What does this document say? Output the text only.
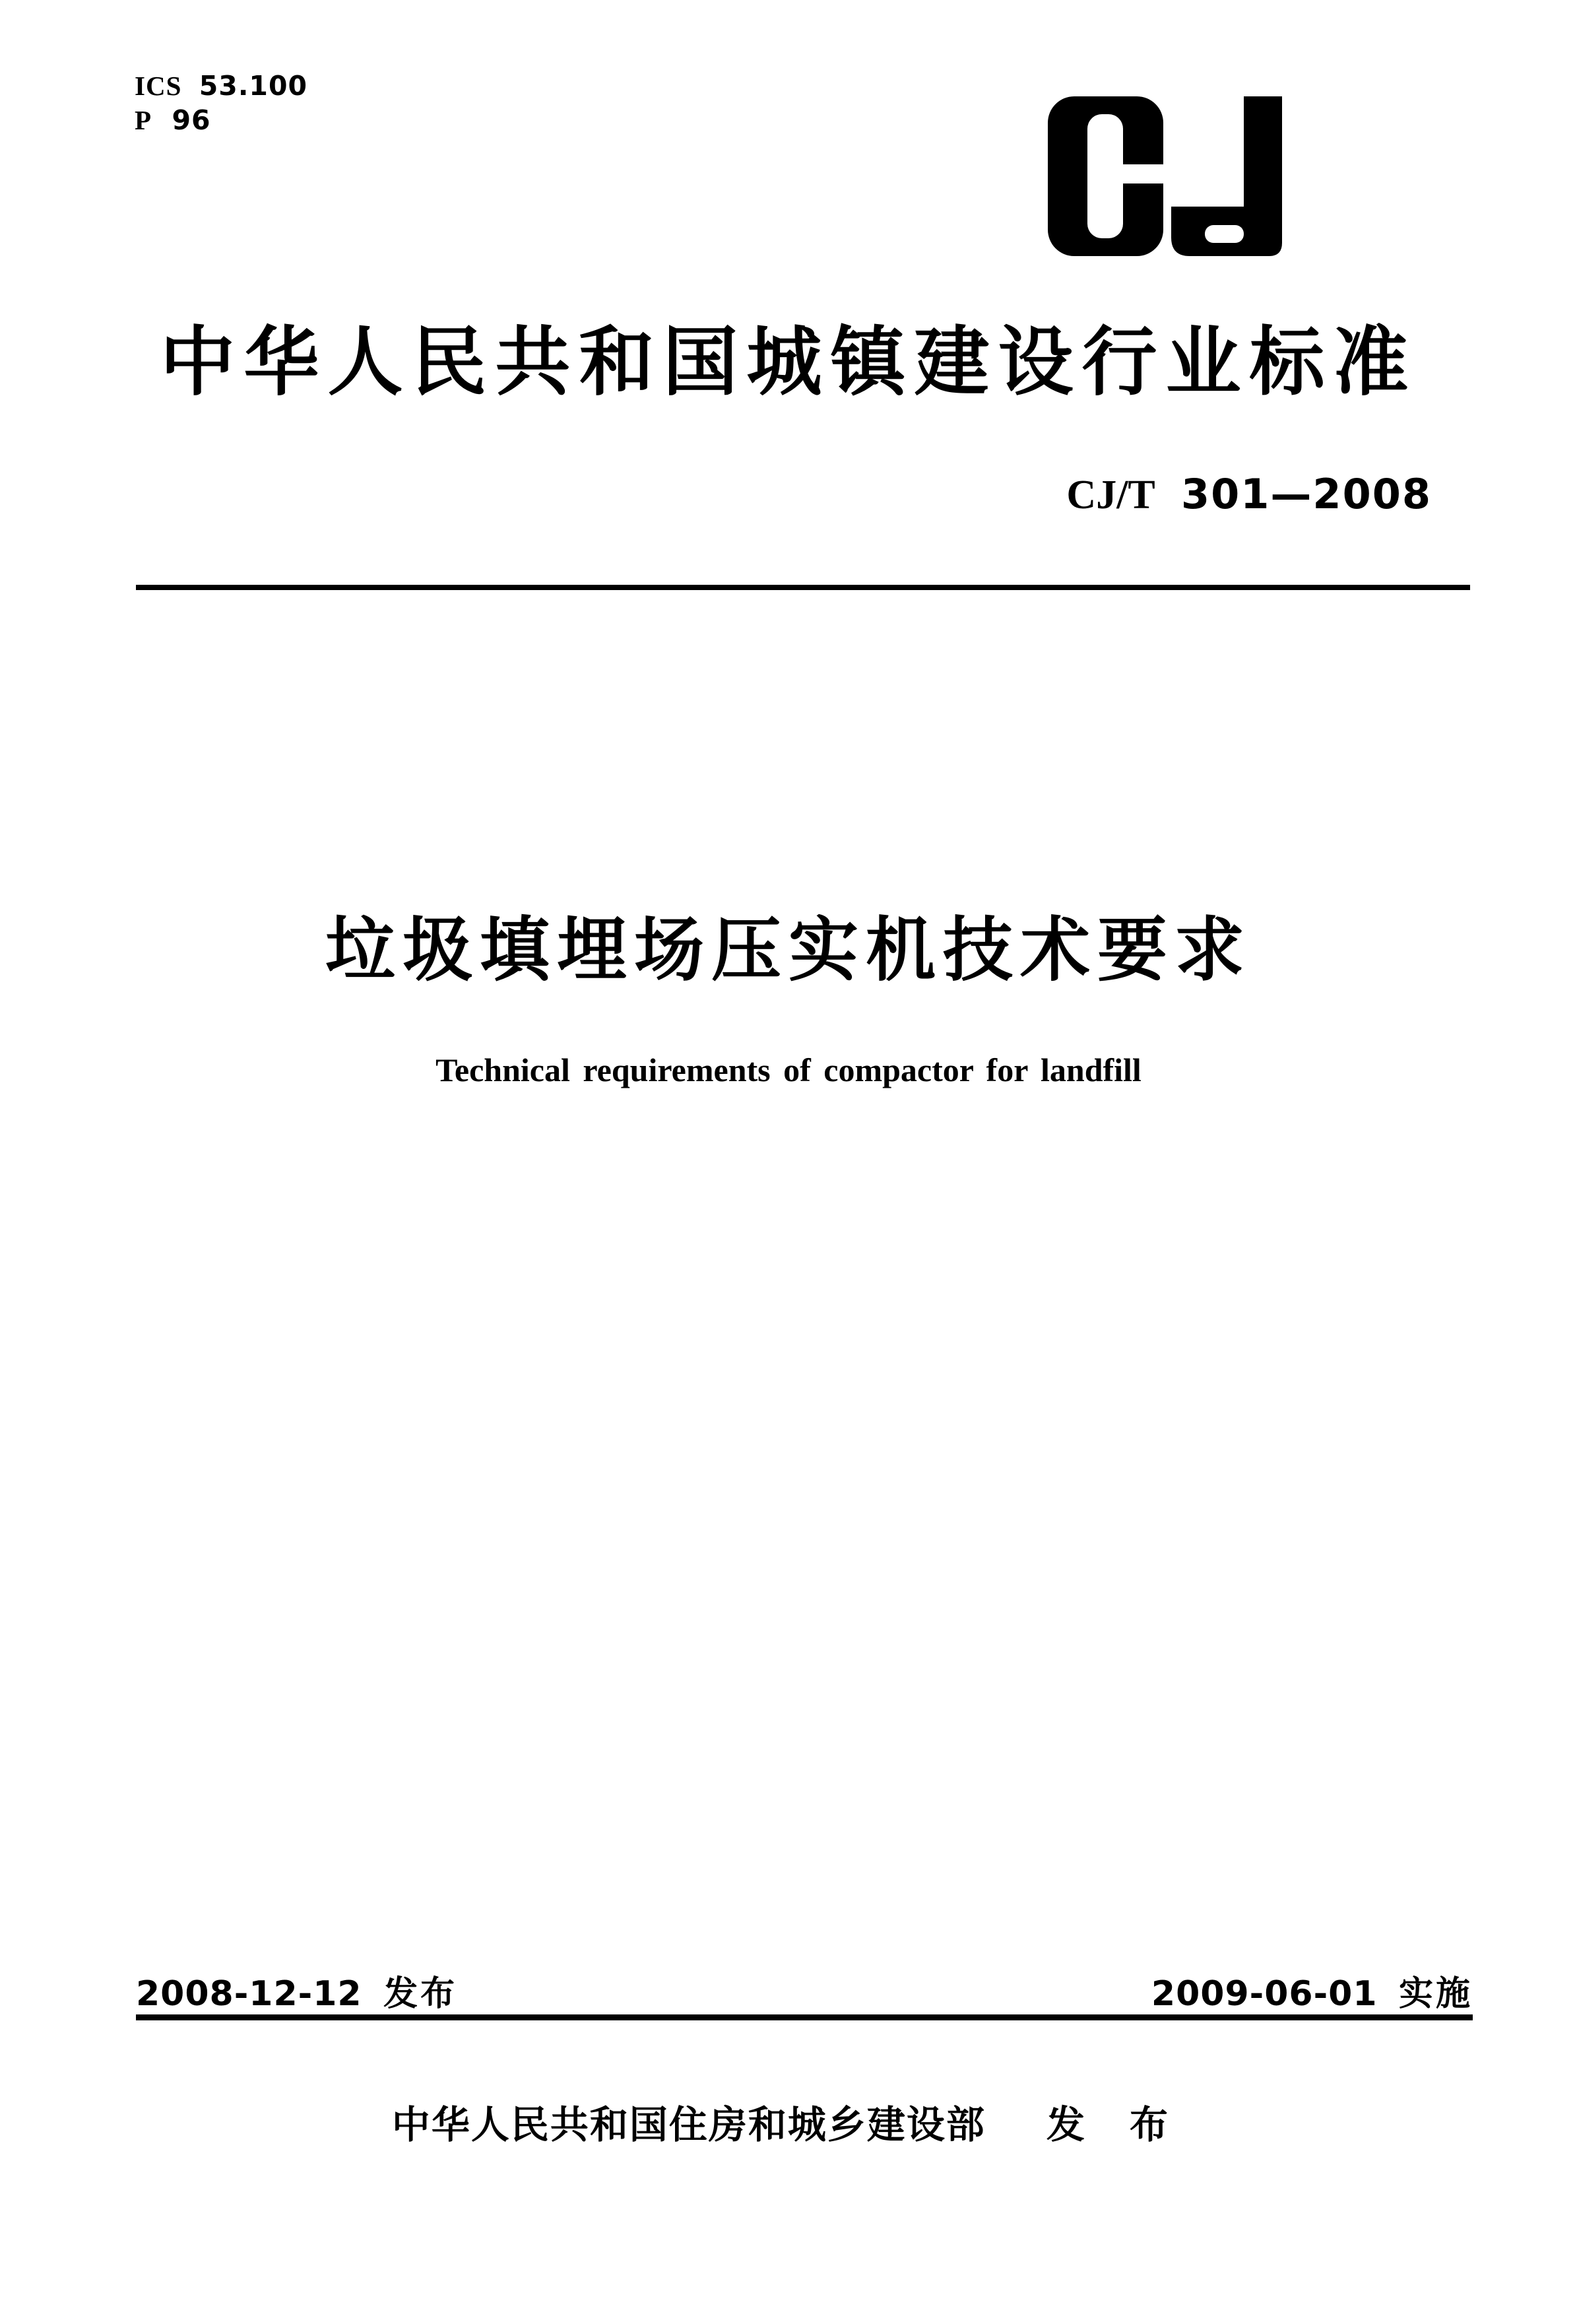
ICS 53.100
P 96
中华人民共和国城镇建设行业标准
CJ/T 301—2008
垃圾填埋场压实机技术要求
Technical requirements of compactor for landfill
2008-12-12 发布	2009-06-01 实施
中华人民共和国住房和城乡建设部 发 布
